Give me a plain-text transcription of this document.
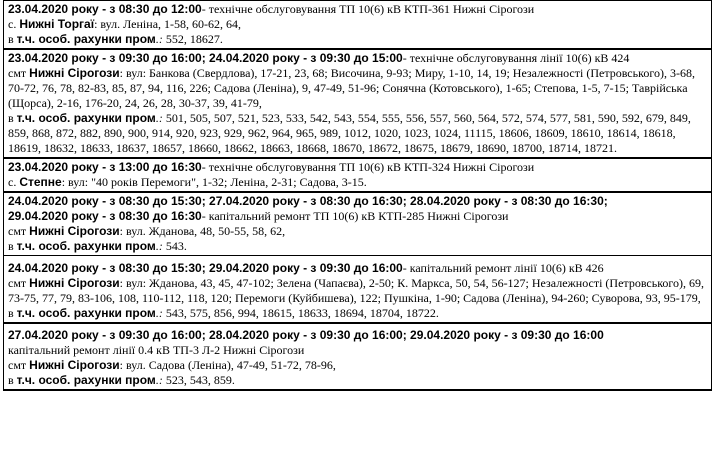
23.04.2020 року - з 08:30 до 12:00- технічне обслуговування ТП 10(6) кВ КТП-361 Нижні Сірогози
с. Нижні Торгаї: вул. Леніна, 1-58, 60-62, 64,
в т.ч. особ. рахунки пром.: 552, 18627.
23.04.2020 року - з 09:30 до 16:00; 24.04.2020 року - з 09:30 до 15:00- технічне обслуговування лінії 10(6) кВ 424
смт Нижні Сірогози: вул: Банкова (Свердлова), 17-21, 23, 68; Височина, 9-93; Миру, 1-10, 14, 19; Незалежності (Петровського), 3-68, 70-72, 76, 78, 82-83, 85, 87, 94, 116, 226; Садова (Леніна), 9, 47-49, 51-96; Сонячна (Котовського), 1-65; Степова, 1-5, 7-15; Таврійська (Щорса), 2-16, 176-20, 24, 26, 28, 30-37, 39, 41-79,
в т.ч. особ. рахунки пром.: 501, 505, 507, 521, 523, 533, 542, 543, 554, 555, 556, 557, 560, 564, 572, 574, 577, 581, 590, 592, 679, 849, 859, 868, 872, 882, 890, 900, 914, 920, 923, 929, 962, 964, 965, 989, 1012, 1020, 1023, 1024, 11115, 18606, 18609, 18610, 18614, 18618, 18619, 18632, 18633, 18637, 18657, 18660, 18662, 18663, 18668, 18670, 18672, 18675, 18679, 18690, 18700, 18714, 18721.
23.04.2020 року - з 13:00 до 16:30- технічне обслуговування ТП 10(6) кВ КТП-324 Нижні Сірогози
с. Степне: вул: "40 років Перемоги", 1-32; Леніна, 2-31; Садова, 3-15.
24.04.2020 року - з 08:30 до 15:30; 27.04.2020 року - з 08:30 до 16:30; 28.04.2020 року - з 08:30 до 16:30;
29.04.2020 року - з 08:30 до 16:30- капітальний ремонт ТП 10(6) кВ КТП-285 Нижні Сірогози
смт Нижні Сірогози: вул. Жданова, 48, 50-55, 58, 62,
в т.ч. особ. рахунки пром.: 543.
24.04.2020 року - з 08:30 до 15:30; 29.04.2020 року - з 09:30 до 16:00- капітальний ремонт лінії 10(6) кВ 426
смт Нижні Сірогози: вул: Жданова, 43, 45, 47-102; Зелена (Чапаєва), 2-50; К. Маркса, 50, 54, 56-127; Незалежності (Петровського), 69, 73-75, 77, 79, 83-106, 108, 110-112, 118, 120; Перемоги (Куйбишева), 122; Пушкіна, 1-90; Садова (Леніна), 94-260; Суворова, 93, 95-179,
в т.ч. особ. рахунки пром.: 543, 575, 856, 994, 18615, 18633, 18694, 18704, 18722.
27.04.2020 року - з 09:30 до 16:00; 28.04.2020 року - з 09:30 до 16:00; 29.04.2020 року - з 09:30 до 16:00
капітальний ремонт лінії 0.4 кВ ТП-3 Л-2 Нижні Сірогози
смт Нижні Сірогози: вул. Садова (Леніна), 47-49, 51-72, 78-96,
в т.ч. особ. рахунки пром.: 523, 543, 859.
